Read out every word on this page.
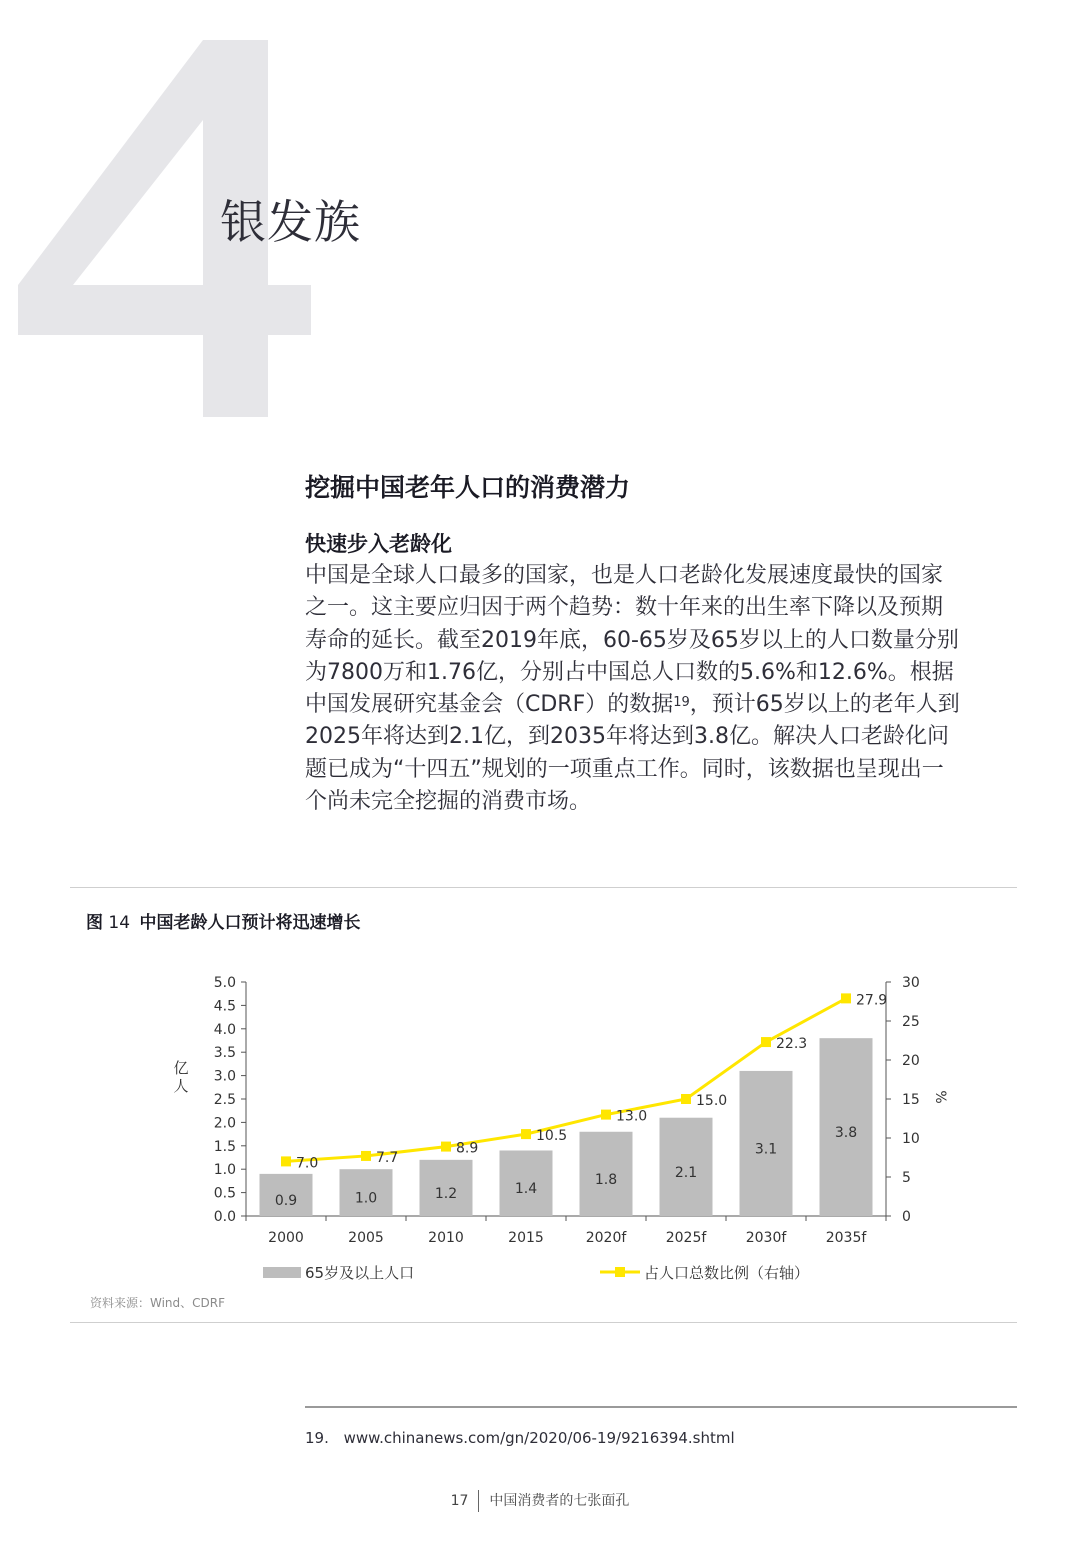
银发族
挖掘中国老年人口的消费潜力
快速步入老龄化
中国是全球人口最多的国家，也是人口老龄化发展速度最快的国家
之一。这主要应归因于两个趋势：数十年来的出生率下降以及预期
寿命的延长。截至2019年底，60-65岁及65岁以上的人口数量分别
为7800万和1.76亿，分别占中国总人口数的5.6%和12.6%。根据
中国发展研究基金会（CDRF）的数据$^{19}$，预计65岁以上的老年人到
2025年将达到2.1亿，到2035年将达到3.8亿。解决人口老龄化问
题已成为“十四五”规划的一项重点工作。同时，该数据也呈现出一
个尚未完全挖掘的消费市场。
图 14 中国老龄人口预计将迅速增长
0.0
0.5
1.0
1.5
2.0
2.5
3.0
3.5
4.0
4.5
5.0
亿
人
0
5
10
15
20
25
30
%
2000	2005	2010	2015	2020f	2025f	2030f	2035f
0.9	1.0	1.2	1.4
1.8	2.1
3.1
3.8
7.0	7.7
8.9
10.5
13.0
15.0
22.3
27.9
65岁及以上人口	占人口总数比例（右轴）
资料来源：Wind、CDRF
19. www.chinanews.com/gn/2020/06-19/9216394.shtml
17 中国消费者的七张面孔
